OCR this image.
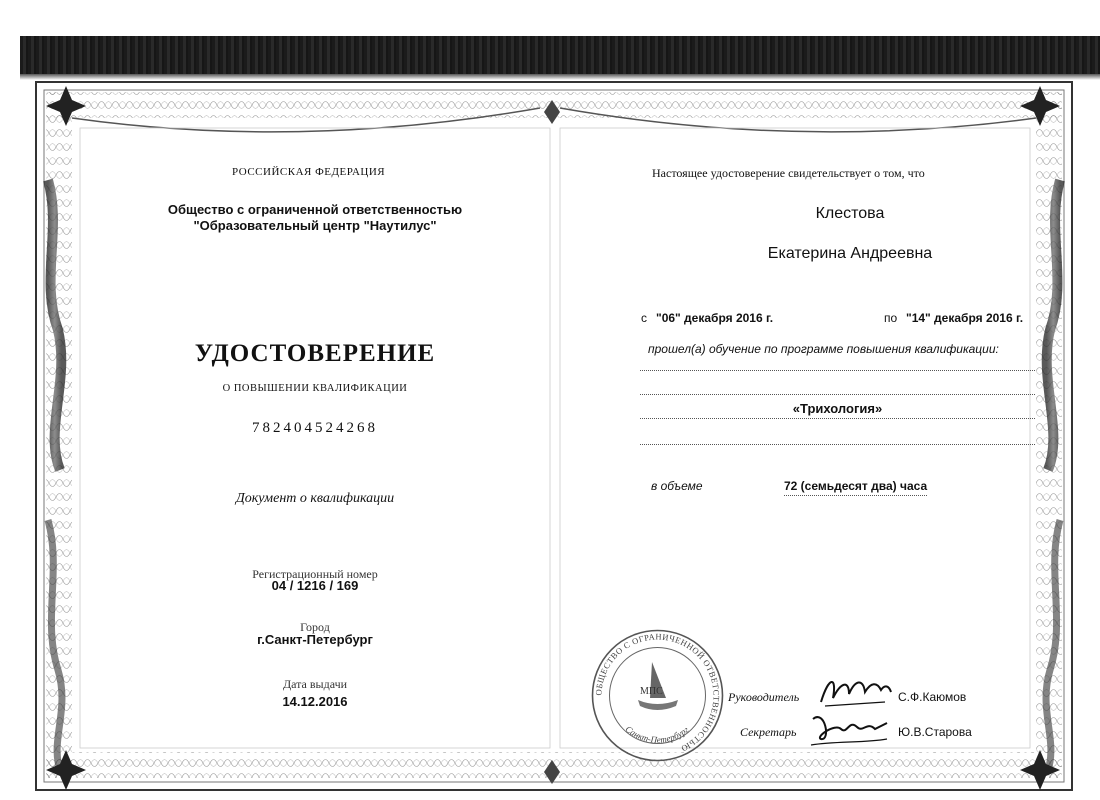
РОССИЙСКАЯ ФЕДЕРАЦИЯ
Общество с ограниченной ответственностью
"Образовательный центр "Наутилус"
УДОСТОВЕРЕНИЕ
О ПОВЫШЕНИИ КВАЛИФИКАЦИИ
782404524268
Документ о квалификации
Регистрационный номер
04 / 1216 / 169
Город
г.Санкт-Петербург
Дата выдачи
14.12.2016
Настоящее удостоверение свидетельствует о том, что
Клестова
Екатерина Андреевна
с "06" декабря 2016 г.	по "14" декабря 2016 г.
прошел(а) обучение по программе повышения квалификации:
«Трихология»
в объеме	72 (семьдесят два) часа
Руководитель	С.Ф.Каюмов
Секретарь	Ю.В.Старова
ОБЩЕСТВО С ОГРАНИЧЕННОЙ ОТВЕТСТВЕННОСТЬЮ
МПС
Санкт-Петербург
